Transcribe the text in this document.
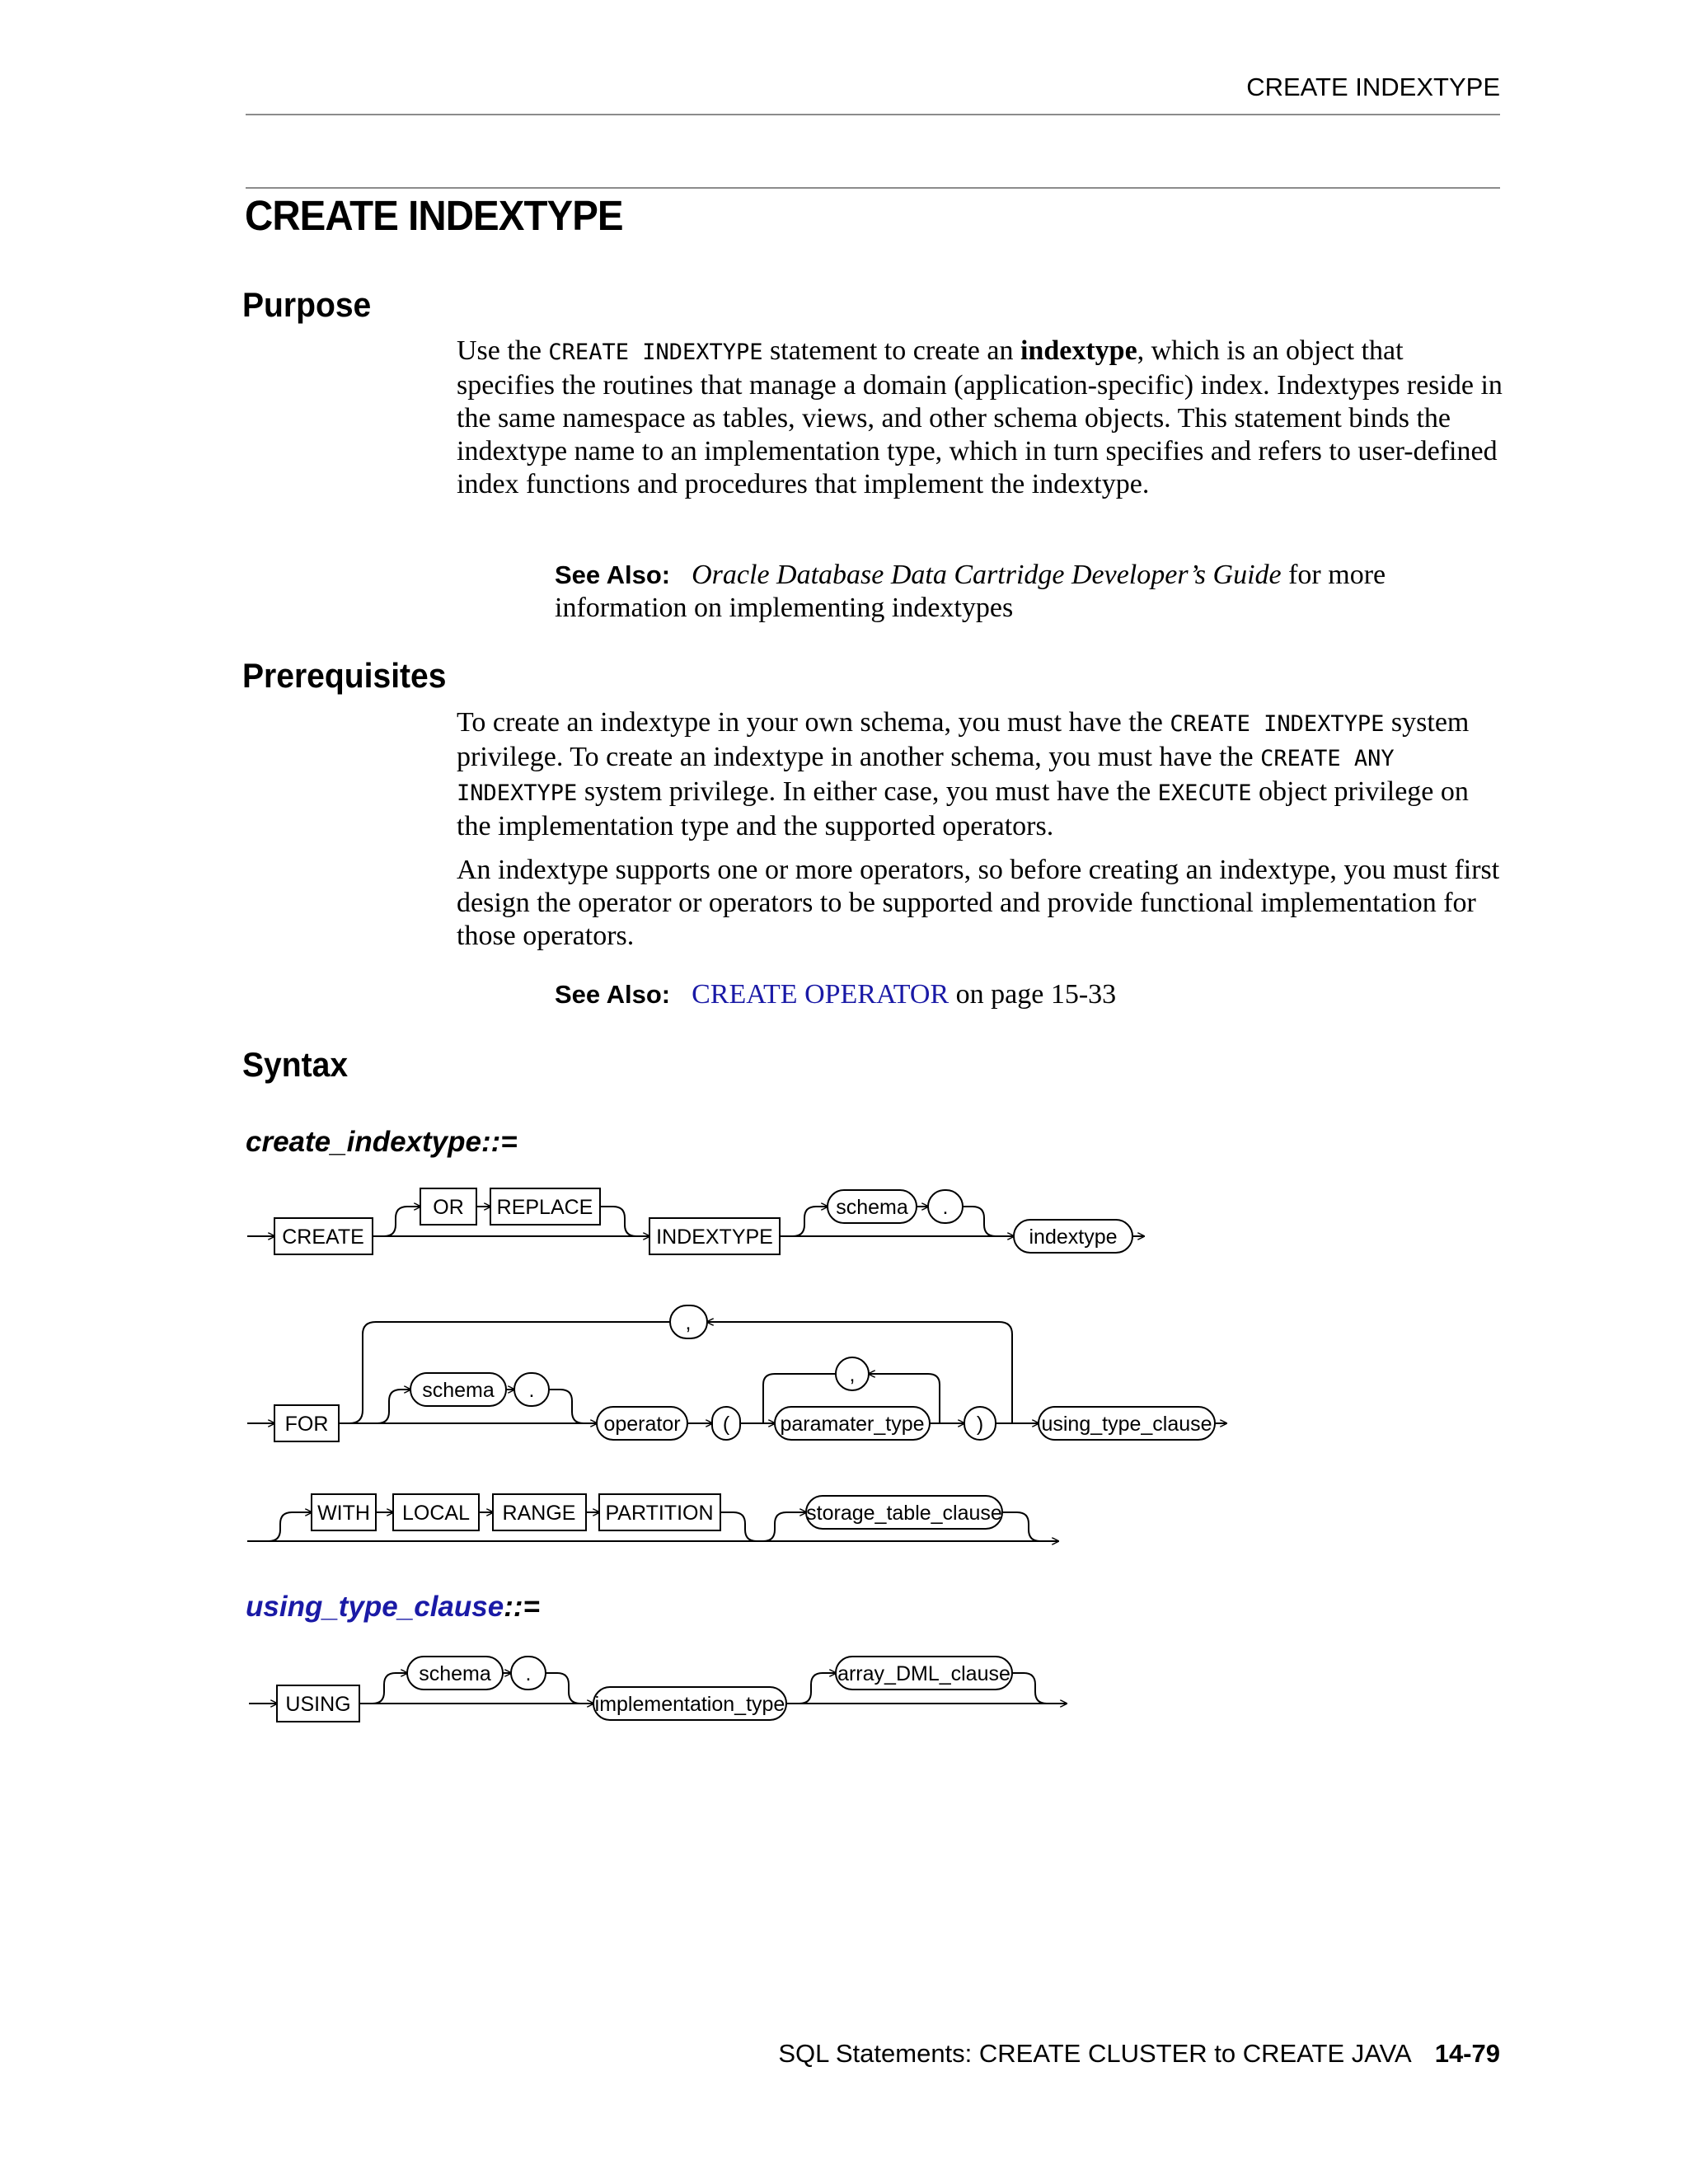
CREATE INDEXTYPE
CREATE INDEXTYPE
Purpose

Use the CREATE INDEXTYPE statement to create an indextype, which is an object that specifies the routines that manage a domain (application-specific) index. Indextypes reside in the same namespace as tables, views, and other schema objects. This statement binds the indextype name to an implementation type, which in turn specifies and refers to user-defined index functions and procedures that implement the indextype.

See Also: Oracle Database Data Cartridge Developer’s Guide for more information on implementing indextypes
Prerequisites

To create an indextype in your own schema, you must have the CREATE INDEXTYPE system privilege. To create an indextype in another schema, you must have the CREATE ANY INDEXTYPE system privilege. In either case, you must have the EXECUTE object privilege on the implementation type and the supported operators.

An indextype supports one or more operators, so before creating an indextype, you must first design the operator or operators to be supported and provide functional implementation for those operators.
See Also: CREATE OPERATOR on page 15-33
Syntax
create_indextype::=
using_type_clause::=
CREATE
OR REPLACE
INDEXTYPE
schema .
indextype
FOR
,
schema .
operator (
,
paramater_type	)	using_type_clause
WITH LOCAL RANGE PARTITION	storage_table_clause
USING
schema .
implementation_type
array_DML_clause
SQL Statements: CREATE CLUSTER to CREATE JAVA 14-79
